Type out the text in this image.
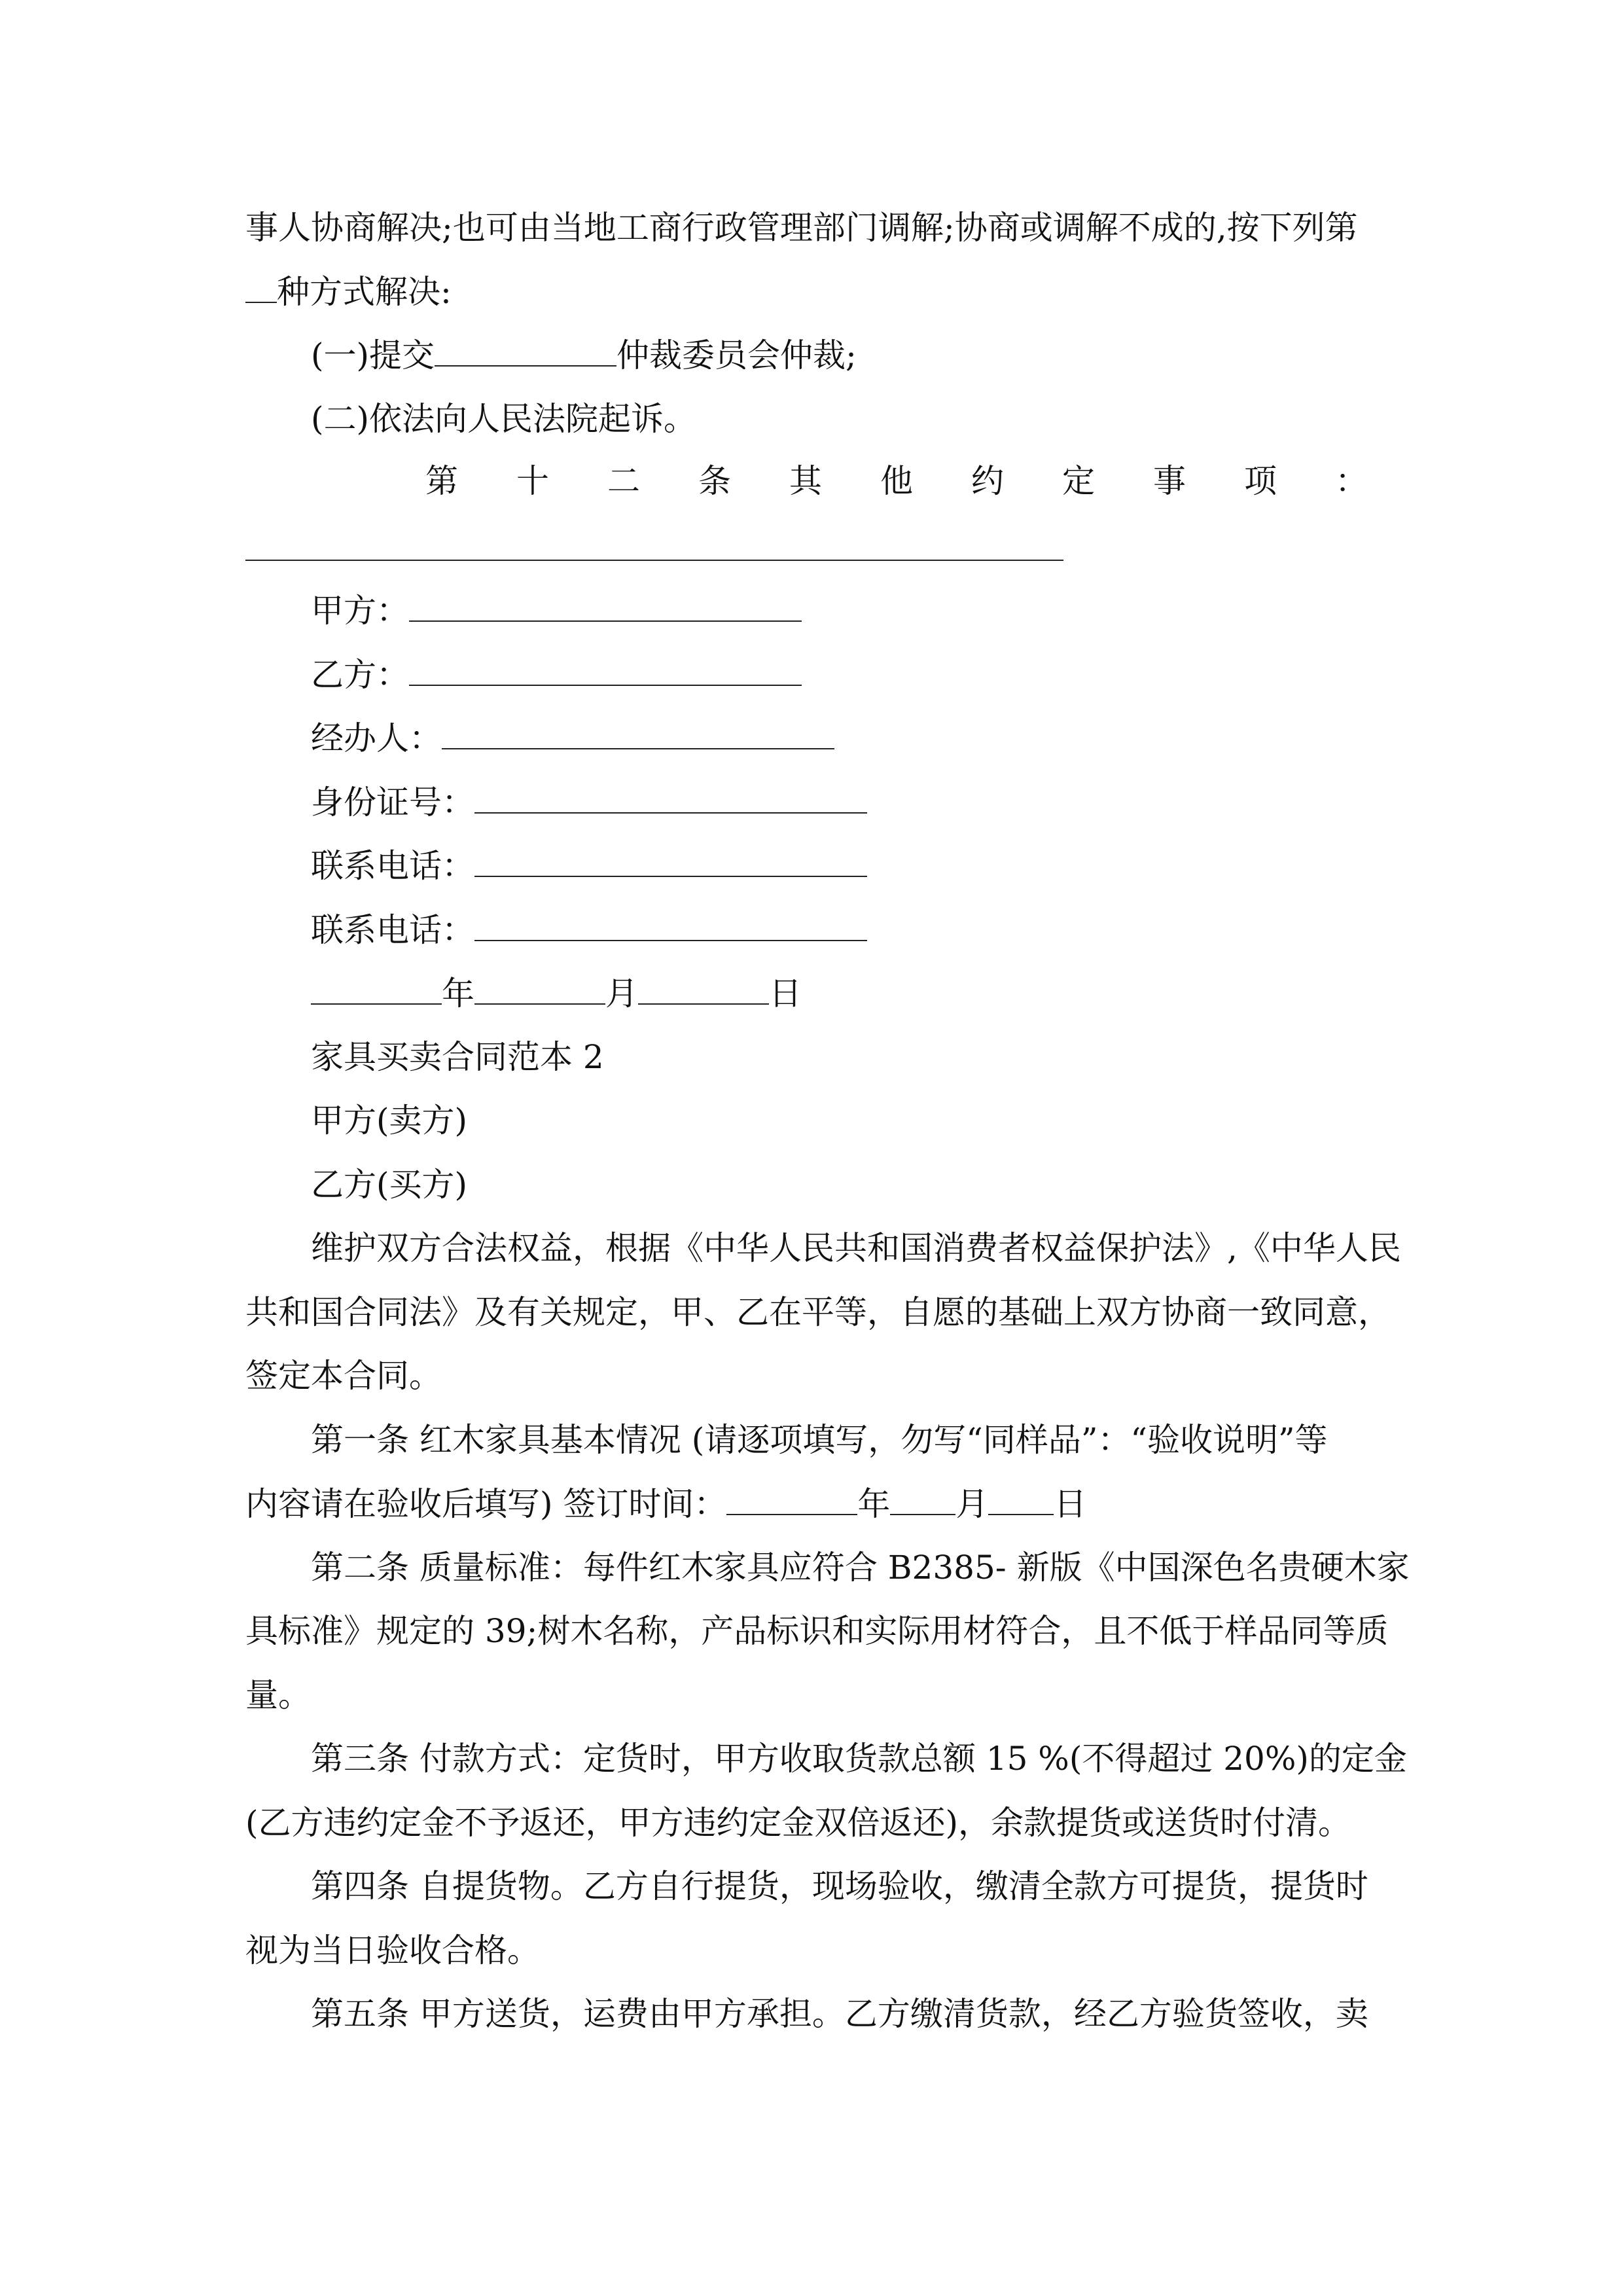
事人协商解决;也可由当地工商行政管理部门调解;协商或调解不成的,按下列第
种方式解决:
(一)提交	仲裁委员会仲裁;
(二)依法向人民法院起诉。
第 十 二 条 其 他 约 定 事 项 ：
甲方：
乙方：
经办人：
身份证号：
联系电话：
联系电话：
年	月	日
家具买卖合同范本 2
甲方(卖方)
乙方(买方)
维护双方合法权益，根据《中华人民共和国消费者权益保护法》,《中华人民
共和国合同法》及有关规定，甲、乙在平等，自愿的基础上双方协商一致同意，
签定本合同。
第一条 红木家具基本情况 (请逐项填写，勿写“同样品”：“验收说明”等
内容请在验收后填写) 签订时间：	年 月 日
第二条 质量标准：每件红木家具应符合 B2385- 新版《中国深色名贵硬木家
具标准》规定的 39;树木名称，产品标识和实际用材符合，且不低于样品同等质
量。
第三条 付款方式：定货时，甲方收取货款总额 15 %(不得超过 20%)的定金
(乙方违约定金不予返还，甲方违约定金双倍返还)，余款提货或送货时付清。
第四条 自提货物。乙方自行提货，现场验收，缴清全款方可提货，提货时
视为当日验收合格。
第五条 甲方送货，运费由甲方承担。乙方缴清货款，经乙方验货签收，卖
